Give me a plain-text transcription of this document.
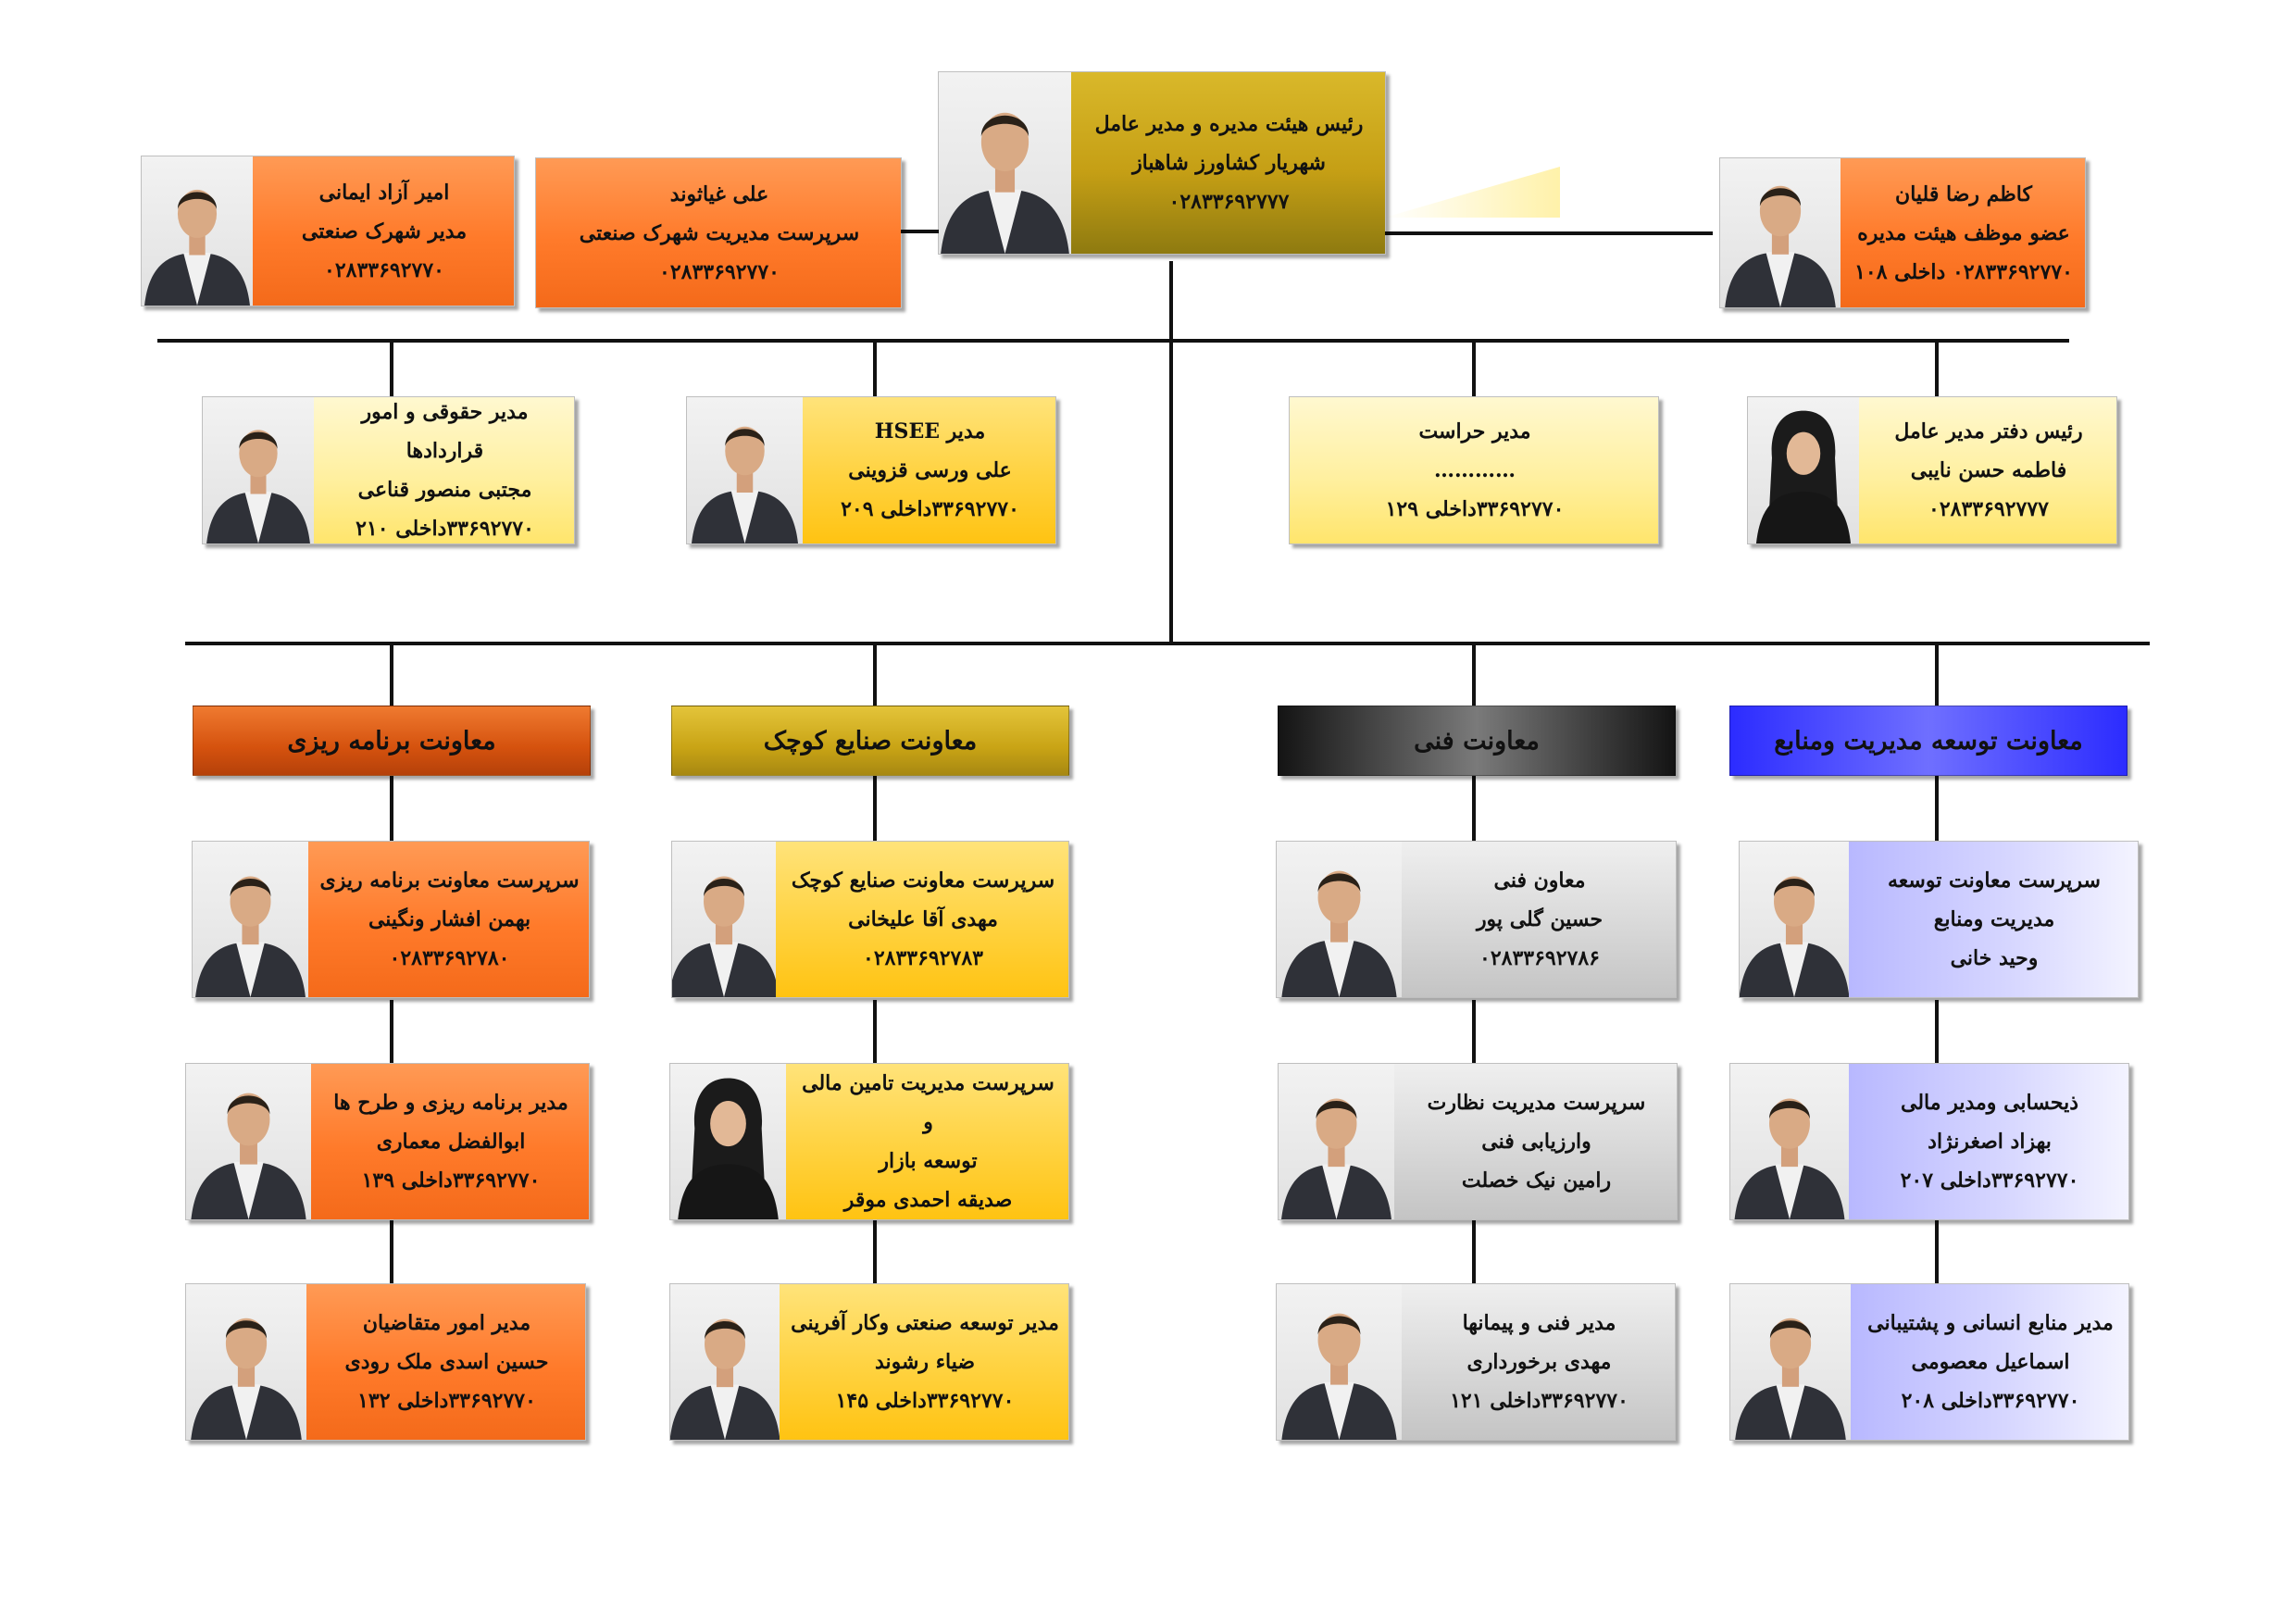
رئیس هیئت مدیره و مدیر عامل
شهریار کشاورز شاهباز
۰۲۸۳۳۶۹۲۷۷۷
امیر آزاد ایمانی
مدیر شهرک صنعتی
۰۲۸۳۳۶۹۲۷۷۰
علی غیاثوند
سرپرست مدیریت شهرک صنعتی
۰۲۸۳۳۶۹۲۷۷۰
کاظم رضا قلیان
عضو موظف هیئت مدیره
۰۲۸۳۳۶۹۲۷۷۰ داخلی ۱۰۸
مدیر حقوقی و امور قراردادها
مجتبی منصور قناعی
۳۳۶۹۲۷۷۰داخلی ۲۱۰
مدیر HSEE
علی ورسی قزوینی
۳۳۶۹۲۷۷۰داخلی ۲۰۹
مدیر حراست
…………
۳۳۶۹۲۷۷۰داخلی ۱۲۹
رئیس دفتر مدیر عامل
فاطمه حسن نایبی
۰۲۸۳۳۶۹۲۷۷۷
معاونت برنامه ریزی	معاونت صنایع کوچک	معاونت فنی	معاونت توسعه مدیریت ومنابع
سرپرست معاونت برنامه ریزی
بهمن افشار ونگینی
۰۲۸۳۳۶۹۲۷۸۰
مدیر برنامه ریزی و طرح ها
ابوالفضل معماری
۳۳۶۹۲۷۷۰داخلی ۱۳۹
مدیر امور متقاضیان
حسین اسدی ملک رودی
۳۳۶۹۲۷۷۰داخلی ۱۳۲
سرپرست معاونت صنایع کوچک
مهدی آقا علیخانی
۰۲۸۳۳۶۹۲۷۸۳
سرپرست مدیریت تامین مالی و
توسعه بازار
صدیقه احمدی موقر
مدیر توسعه صنعتی وکار آفرینی
ضیاء رشوند
۳۳۶۹۲۷۷۰داخلی ۱۴۵
معاون فنی
حسین گلی پور
۰۲۸۳۳۶۹۲۷۸۶
سرپرست مدیریت نظارت
وارزیابی فنی
رامین نیک خصلت
مدیر فنی و پیمانها
مهدی برخورداری
۳۳۶۹۲۷۷۰داخلی ۱۲۱
سرپرست معاونت توسعه
مدیریت ومنابع
وحید خانی
ذیحسابی ومدیر مالی
بهزاد اصغرنژاد
۳۳۶۹۲۷۷۰داخلی ۲۰۷
مدیر منابع انسانی و پشتیبانی
اسماعیل معصومی
۳۳۶۹۲۷۷۰داخلی ۲۰۸
